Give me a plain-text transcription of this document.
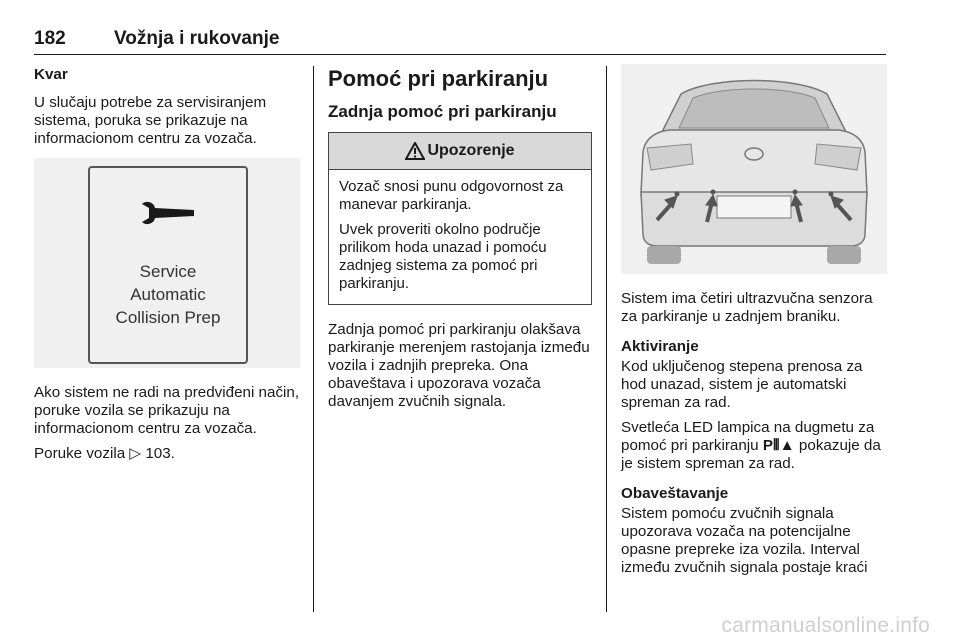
182	Vožnja i rukovanje
Kvar

U slučaju potrebe za servisiranjem sistema, poruka se prikazuje na informacionom centru za vozača.

Service
Automatic
Collision Prep

Ako sistem ne radi na predviđeni način, poruke vozila se prikazuju na informacionom centru za vozača.

Poruke vozila ▷ 103.

Pomoć pri parkiranju
Zadnja pomoć pri parkiranju
Upozorenje

Vozač snosi punu odgovornost za manevar parkiranja.

Uvek proveriti okolno područje prilikom hoda unazad i pomoću zadnjeg sistema za pomoć pri parkiranju.

Zadnja pomoć pri parkiranju olakšava parkiranje merenjem rastojanja između vozila i zadnjih prepreka. Ona obaveštava i upozorava vozača davanjem zvučnih signala.

Sistem ima četiri ultrazvučna senzora za parkiranje u zadnjem braniku.

Aktiviranje

Kod uključenog stepena prenosa za hod unazad, sistem je automatski spreman za rad.

Svetleća LED lampica na dugmetu za pomoć pri parkiranju P⦀▲ pokazuje da je sistem spreman za rad.

Obaveštavanje

Sistem pomoću zvučnih signala upozorava vozača na potencijalne opasne prepreke iza vozila. Interval između zvučnih signala postaje kraći

carmanualsonline.info
